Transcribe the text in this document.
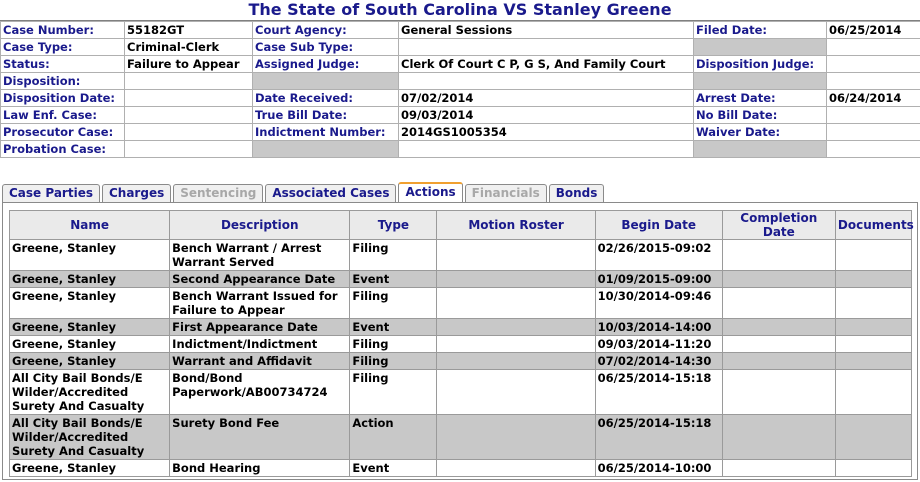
The State of South Carolina VS Stanley Greene
Case Number:	55182GT	Court Agency:	General Sessions	Filed Date:	06/25/2014
Case Type:	Criminal-Clerk	Case Sub Type:			
Status:	Failure to Appear	Assigned Judge:	Clerk Of Court C P, G S, And Family Court	Disposition Judge:	
Disposition:					
Disposition Date:		Date Received:	07/02/2014	Arrest Date:	06/24/2014
Law Enf. Case:		True Bill Date:	09/03/2014	No Bill Date:	
Prosecutor Case:		Indictment Number:	2014GS1005354	Waiver Date:	
Probation Case:					
Case Parties	Charges	Sentencing	Associated Cases	Actions	Financials	Bonds
Name	Description	Type	Motion Roster	Begin Date	Completion Date	Documents
Greene, Stanley	Bench Warrant / Arrest Warrant Served	Filing		02/26/2015-09:02		
Greene, Stanley	Second Appearance Date	Event		01/09/2015-09:00		
Greene, Stanley	Bench Warrant Issued for Failure to Appear	Filing		10/30/2014-09:46		
Greene, Stanley	First Appearance Date	Event		10/03/2014-14:00		
Greene, Stanley	Indictment/Indictment	Filing		09/03/2014-11:20		
Greene, Stanley	Warrant and Affidavit	Filing		07/02/2014-14:30		
All City Bail Bonds/E Wilder/Accredited Surety And Casualty	Bond/Bond Paperwork/AB00734724	Filing		06/25/2014-15:18		
All City Bail Bonds/E Wilder/Accredited Surety And Casualty	Surety Bond Fee	Action		06/25/2014-15:18		
Greene, Stanley	Bond Hearing	Event		06/25/2014-10:00		
